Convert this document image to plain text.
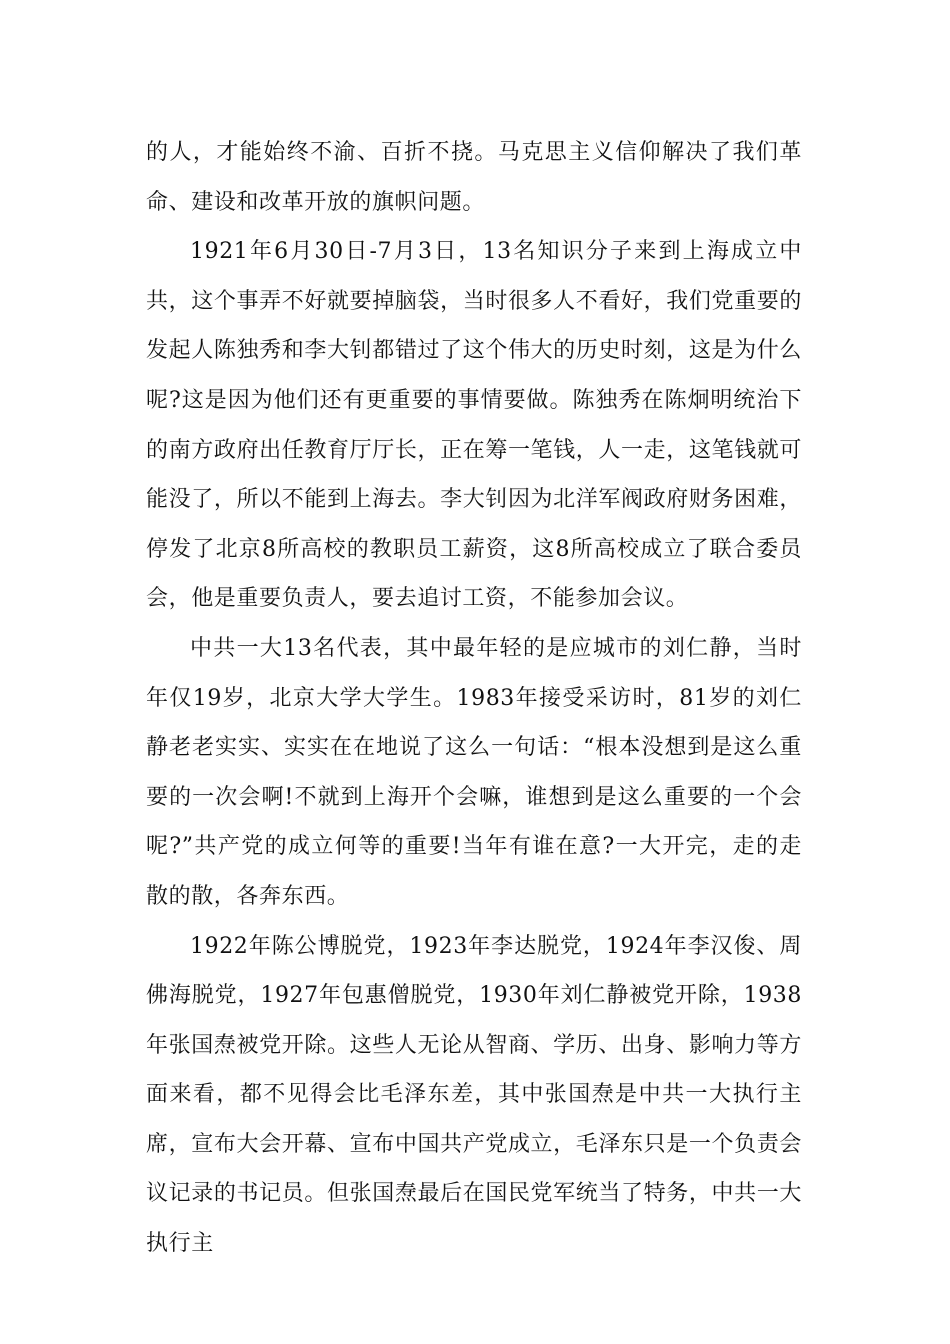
的人，才能始终不渝、百折不挠。马克思主义信仰解决了我们革命、建设和改革开放的旗帜问题。

1921年6月30日-7月3日，13名知识分子来到上海成立中共，这个事弄不好就要掉脑袋，当时很多人不看好，我们党重要的发起人陈独秀和李大钊都错过了这个伟大的历史时刻，这是为什么呢?这是因为他们还有更重要的事情要做。陈独秀在陈炯明统治下的南方政府出任教育厅厅长，正在筹一笔钱，人一走，这笔钱就可能没了，所以不能到上海去。李大钊因为北洋军阀政府财务困难，停发了北京8所高校的教职员工薪资，这8所高校成立了联合委员会，他是重要负责人，要去追讨工资，不能参加会议。

中共一大13名代表，其中最年轻的是应城市的刘仁静，当时年仅19岁，北京大学大学生。1983年接受采访时，81岁的刘仁静老老实实、实实在在地说了这么一句话：“根本没想到是这么重要的一次会啊!不就到上海开个会嘛，谁想到是这么重要的一个会呢?”共产党的成立何等的重要!当年有谁在意?一大开完，走的走散的散，各奔东西。

1922年陈公博脱党，1923年李达脱党，1924年李汉俊、周佛海脱党，1927年包惠僧脱党，1930年刘仁静被党开除，1938年张国焘被党开除。这些人无论从智商、学历、出身、影响力等方面来看，都不见得会比毛泽东差，其中张国焘是中共一大执行主席，宣布大会开幕、宣布中国共产党成立，毛泽东只是一个负责会议记录的书记员。但张国焘最后在国民党军统当了特务，中共一大执行主
